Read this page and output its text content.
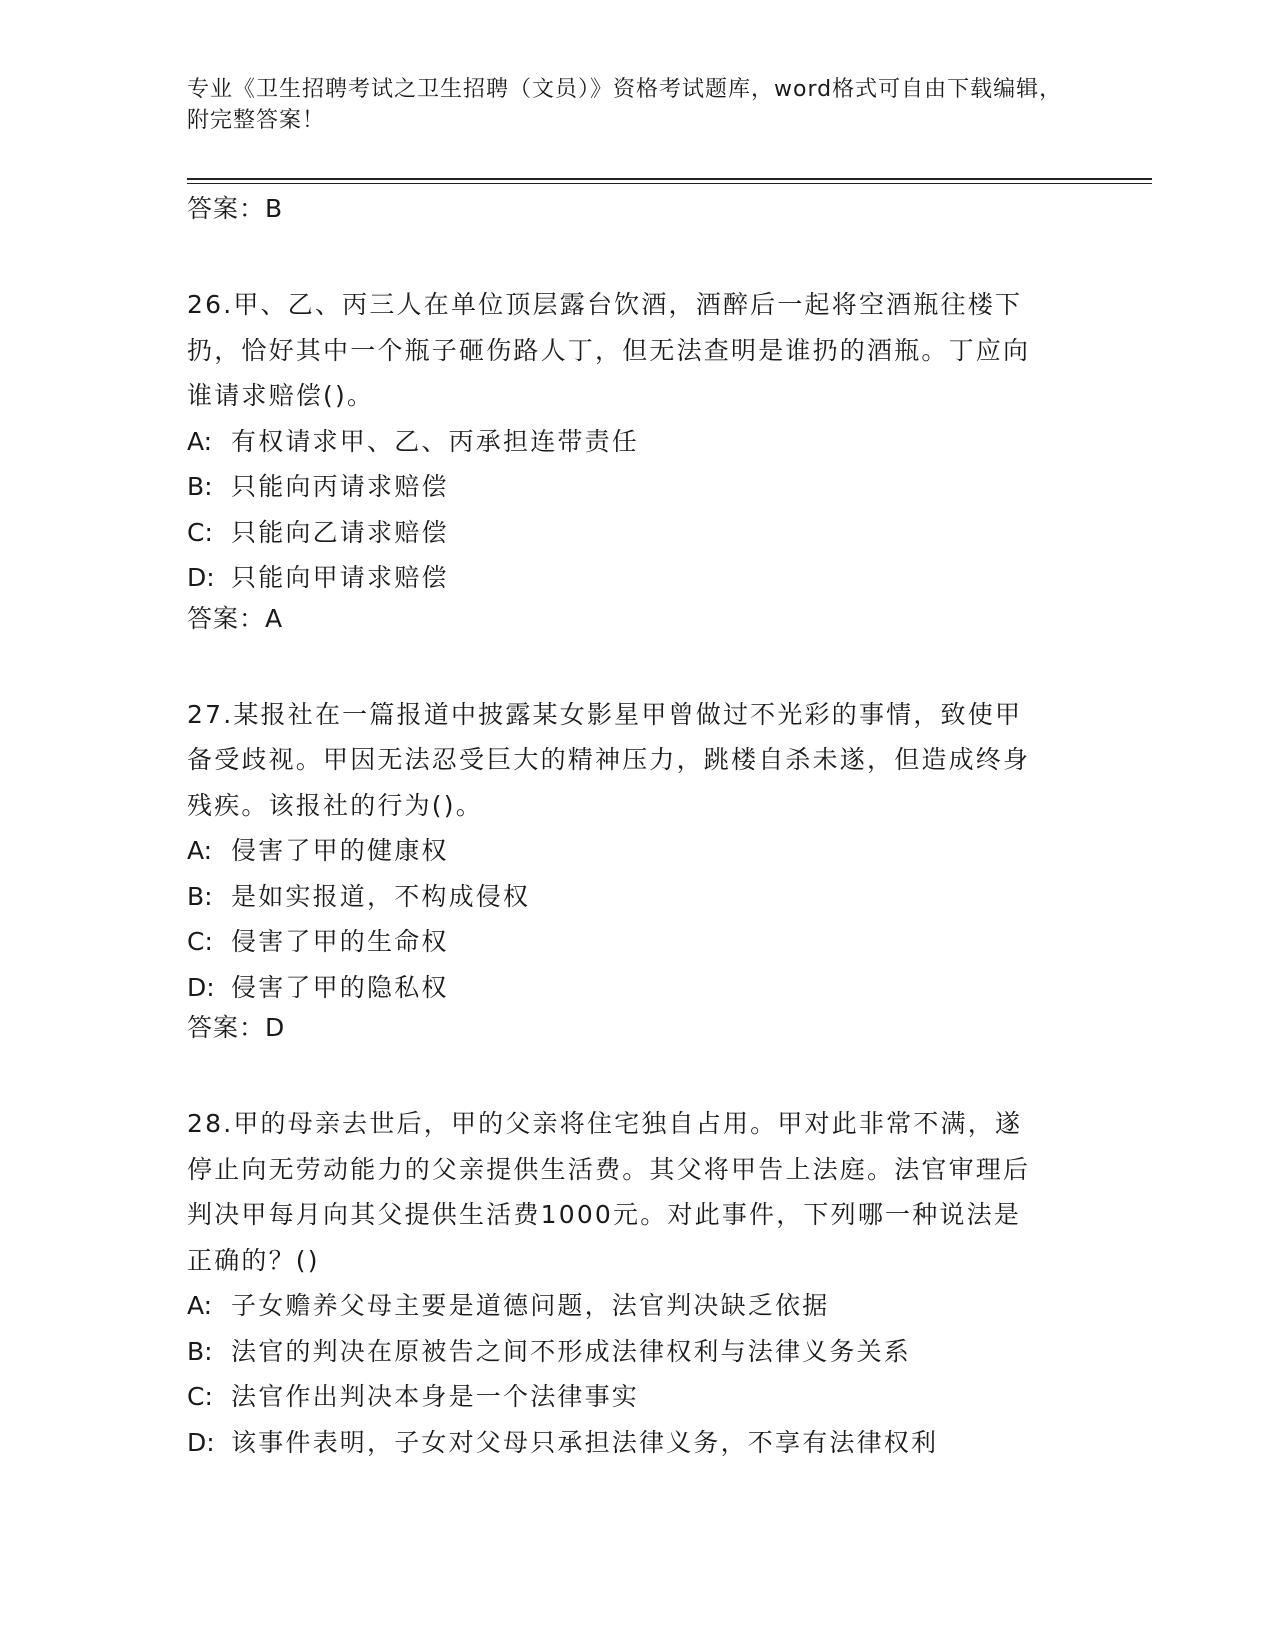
专业《卫生招聘考试之卫生招聘（文员）》资格考试题库，word格式可自由下载编辑，附完整答案！

答案：B

26.甲、乙、丙三人在单位顶层露台饮酒，酒醉后一起将空酒瓶往楼下扔，恰好其中一个瓶子砸伤路人丁，但无法查明是谁扔的酒瓶。丁应向谁请求赔偿()。

A: 有权请求甲、乙、丙承担连带责任

B: 只能向丙请求赔偿

C: 只能向乙请求赔偿

D: 只能向甲请求赔偿

答案：A

27.某报社在一篇报道中披露某女影星甲曾做过不光彩的事情，致使甲备受歧视。甲因无法忍受巨大的精神压力，跳楼自杀未遂，但造成终身残疾。该报社的行为()。

A: 侵害了甲的健康权

B: 是如实报道，不构成侵权

C: 侵害了甲的生命权

D: 侵害了甲的隐私权

答案：D

28.甲的母亲去世后，甲的父亲将住宅独自占用。甲对此非常不满，遂停止向无劳动能力的父亲提供生活费。其父将甲告上法庭。法官审理后判决甲每月向其父提供生活费1000元。对此事件，下列哪一种说法是正确的？()

A: 子女赡养父母主要是道德问题，法官判决缺乏依据

B: 法官的判决在原被告之间不形成法律权利与法律义务关系

C: 法官作出判决本身是一个法律事实

D: 该事件表明，子女对父母只承担法律义务，不享有法律权利
